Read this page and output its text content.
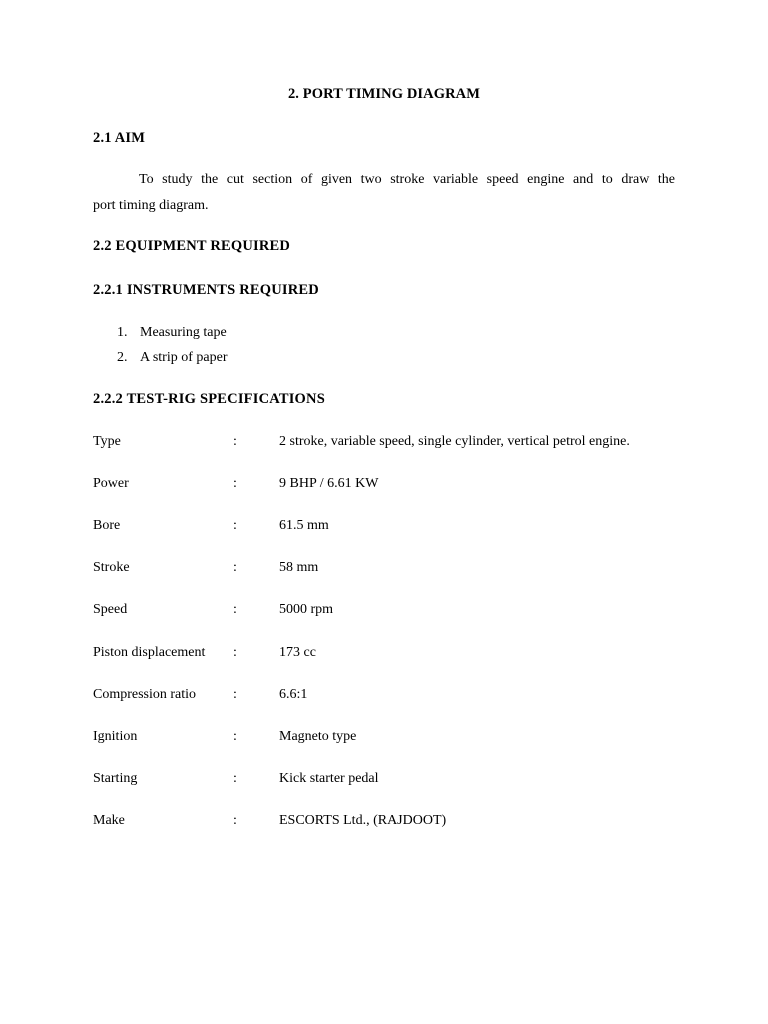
2. PORT TIMING DIAGRAM
2.1 AIM
To study the cut section of given two stroke variable speed engine and to draw the
port timing diagram.
2.2 EQUIPMENT REQUIRED
2.2.1 INSTRUMENTS REQUIRED
1. Measuring tape
2. A strip of paper
2.2.2 TEST-RIG SPECIFICATIONS
Type	:	2 stroke, variable speed, single cylinder, vertical petrol engine.
Power	:	9 BHP / 6.61 KW
Bore	:	61.5 mm
Stroke	:	58 mm
Speed	:	5000 rpm
Piston displacement :	173 cc
Compression ratio	:	6.6:1
Ignition	:	Magneto type
Starting	:	Kick starter pedal
Make	:	ESCORTS Ltd., (RAJDOOT)
